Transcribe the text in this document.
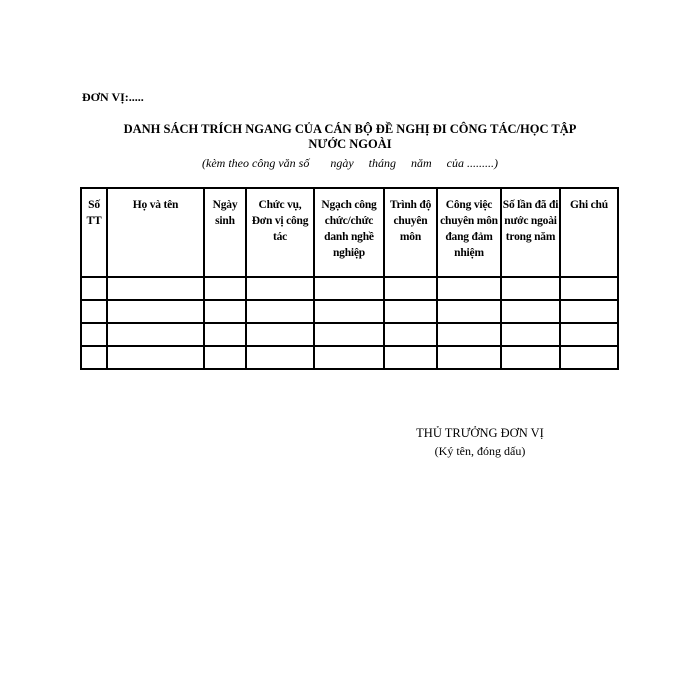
ĐƠN VỊ:.....
DANH SÁCH TRÍCH NGANG CỦA CÁN BỘ ĐỀ NGHỊ ĐI CÔNG TÁC/HỌC TẬP
NƯỚC NGOÀI
(kèm theo công văn số       ngày     tháng     năm     của .........)
Số TT	Họ và tên	Ngày sinh	Chức vụ, Đơn vị công tác	Ngạch công chức/chức danh nghề nghiệp	Trình độ chuyên môn	Công việc chuyên môn đang đảm nhiệm	Số lần đã đi nước ngoài trong năm	Ghi chú

THỦ TRƯỞNG ĐƠN VỊ
(Ký tên, đóng dấu)
